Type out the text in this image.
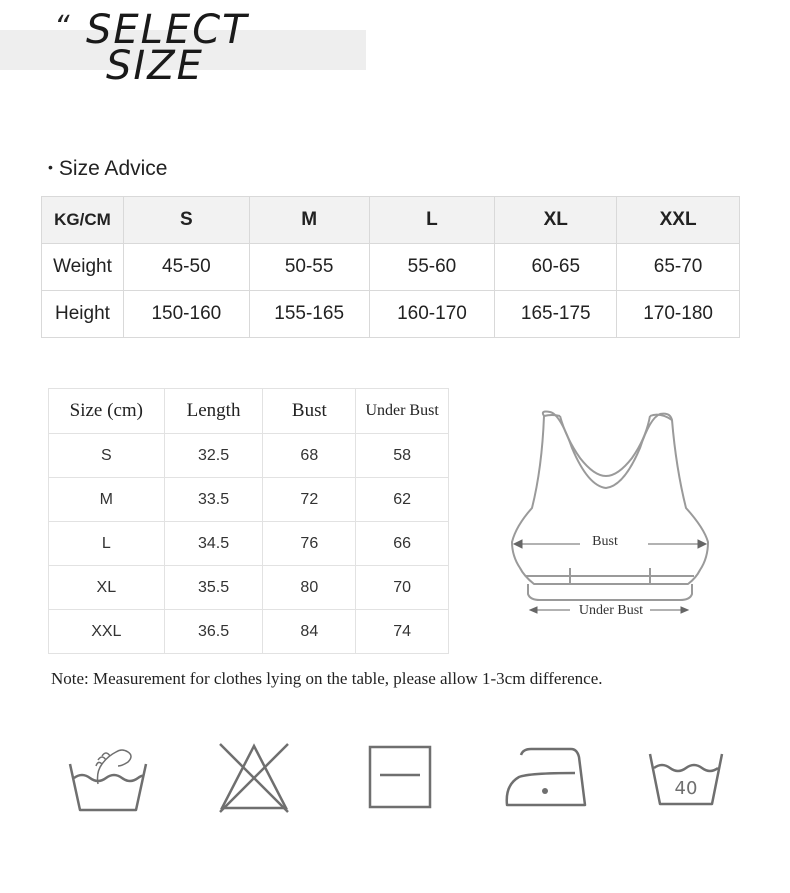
“ SELECT
SIZE
• Size Advice
KG/CM	S	M	L	XL	XXL
Weight	45-50	50-55	55-60	60-65	65-70
Height	150-160	155-165	160-170	165-175	170-180
Size (cm)	Length	Bust	Under Bust
S	32.5	68	58
M	33.5	72	62
L	34.5	76	66
XL	35.5	80	70
XXL	36.5	84	74
Bust
Under Bust
Note: Measurement for clothes lying on the table, please allow 1-3cm difference.
40
